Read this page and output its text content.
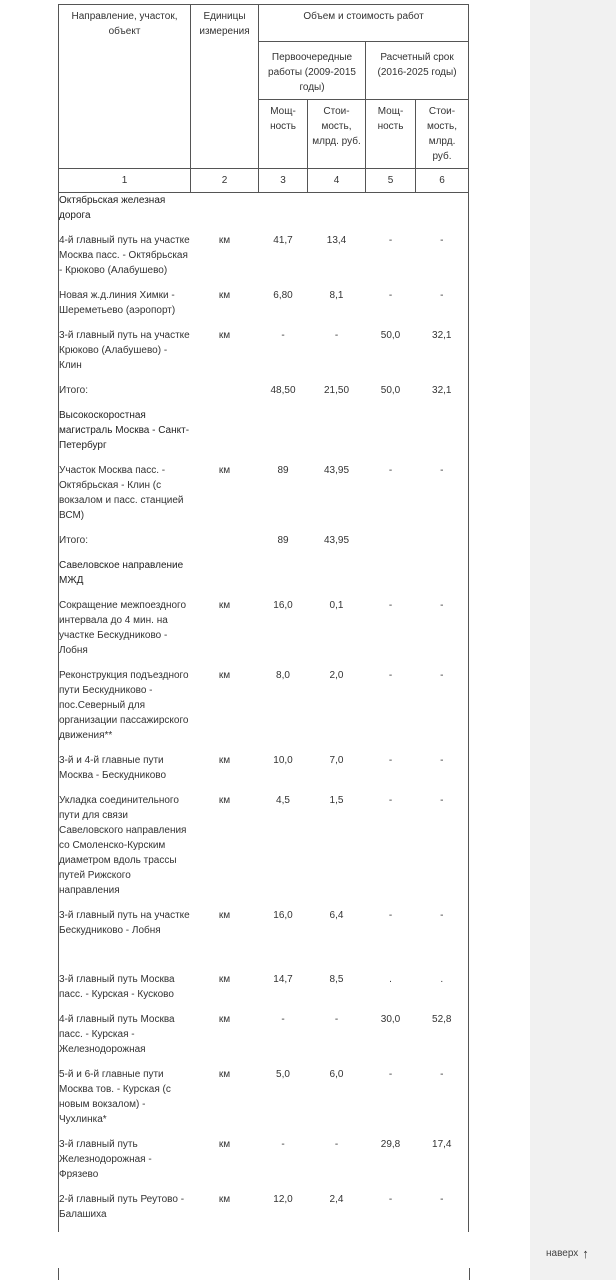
Направление, участок, объект	Единицы измерения	Объем и стоимость работ			
		Первоочередные работы (2009-2015 годы)		Расчетный срок (2016-2025 годы)	
		Мощ-ность	Стои-мость, млрд. руб.	Мощ-ность	Стои-мость, млрд. руб.
1	2	3	4	5	6
Октябрьская железная дорога					
4-й главный путь на участке Москва пасс. - Октябрьская - Крюково (Алабушево)	км	41,7	13,4	-	-
Новая ж.д.линия Химки - Шереметьево (аэропорт)	км	6,80	8,1	-	-
3-й главный путь на участке Крюково (Алабушево) - Клин	км	-	-	50,0	32,1
Итого:		48,50	21,50	50,0	32,1
Высокоскоростная магистраль Москва - Санкт-Петербург					
Участок Москва пасс. - Октябрьская - Клин (с вокзалом и пасс. станцией ВСМ)	км	89	43,95	-	-
Итого:		89	43,95		
Савеловское направление МЖД					
Сокращение межпоездного интервала до 4 мин. на участке Бескудниково - Лобня	км	16,0	0,1	-	-
Реконструкция подъездного пути Бескудниково - пос.Северный для организации пассажирского движения**	км	8,0	2,0	-	-
3-й и 4-й главные пути Москва - Бескудниково	км	10,0	7,0	-	-
Укладка соединительного пути для связи Савеловского направления со Смоленско-Курским диаметром вдоль трассы путей Рижского направления	км	4,5	1,5	-	-
3-й главный путь на участке Бескудниково - Лобня	км	16,0	6,4	-	-
3-й главный путь Москва пасс. - Курская - Кусково	км	14,7	8,5	.	.
4-й главный путь Москва пасс. - Курская - Железнодорожная	км	-	-	30,0	52,8
5-й и 6-й главные пути Москва тов. - Курская (с новым вокзалом) - Чухлинка*	км	5,0	6,0	-	-
3-й главный путь Железнодорожная - Фрязево	км	-	-	29,8	17,4
2-й главный путь Реутово - Балашиха	км	12,0	2,4	-	-
наверх ↑
